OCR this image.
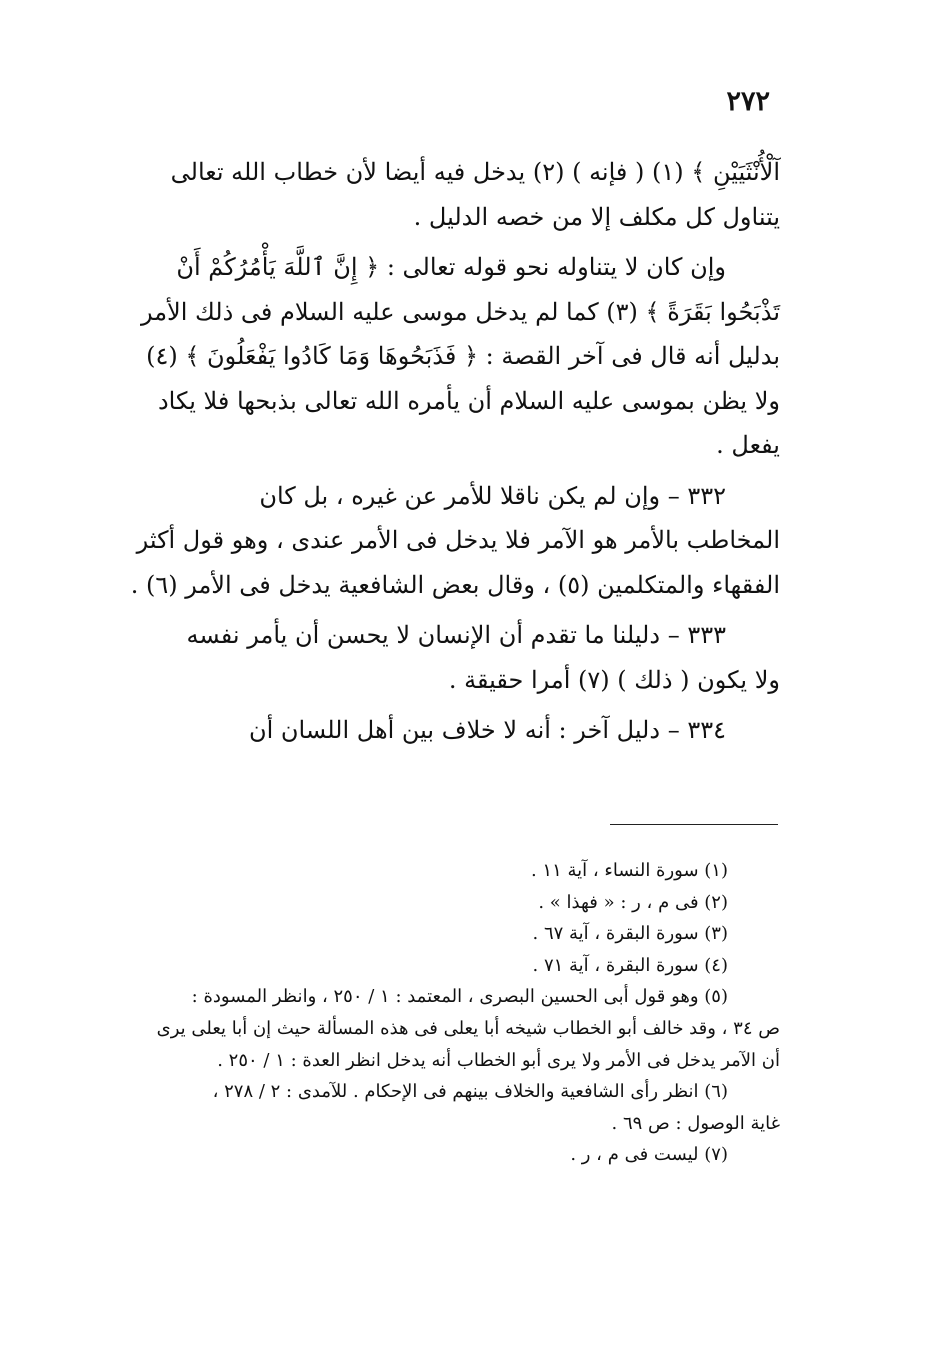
٢٧٢

آلْأُنْثَيَيْنِ ﴾ (١) ( فإنه ) (٢) يدخل فيه أيضا لأن خطاب الله تعالى

يتناول كل مكلف إلا من خصه الدليل .

وإن كان لا يتناوله نحو قوله تعالى : ﴿ إِنَّ ٱللَّهَ يَأْمُرُكُمْ أَنْ

تَذْبَحُوا بَقَرَةً ﴾ (٣) كما لم يدخل موسى عليه السلام فى ذلك الأمر

بدليل أنه قال فى آخر القصة : ﴿ فَذَبَحُوهَا وَمَا كَادُوا يَفْعَلُونَ ﴾ (٤)

ولا يظن بموسى عليه السلام أن يأمره الله تعالى بذبحها فلا يكاد

يفعل .

٣٣٢ – وإن لم يكن ناقلا للأمر عن غيره ، بل كان

المخاطب بالأمر هو الآمر فلا يدخل فى الأمر عندى ، وهو قول أكثر

الفقهاء والمتكلمين (٥) ، وقال بعض الشافعية يدخل فى الأمر (٦) .

٣٣٣ – دليلنا ما تقدم أن الإنسان لا يحسن أن يأمر نفسه

ولا يكون ( ذلك ) (٧) أمرا حقيقة .

٣٣٤ – دليل آخر : أنه لا خلاف بين أهل اللسان أن

(١) سورة النساء ، آية ١١ .

(٢) فى م ، ر : « فهذا » .

(٣) سورة البقرة ، آية ٦٧ .

(٤) سورة البقرة ، آية ٧١ .

(٥) وهو قول أبى الحسين البصرى ، المعتمد : ١ / ٢٥٠ ، وانظر المسودة :

ص ٣٤ ، وقد خالف أبو الخطاب شيخه أبا يعلى فى هذه المسألة حيث إن أبا يعلى يرى

أن الآمر يدخل فى الأمر ولا يرى أبو الخطاب أنه يدخل انظر العدة : ١ / ٢٥٠ .

(٦) انظر رأى الشافعية والخلاف بينهم فى الإحكام . للآمدى : ٢ / ٢٧٨ ،

غاية الوصول : ص ٦٩ .

(٧) ليست فى م ، ر .
